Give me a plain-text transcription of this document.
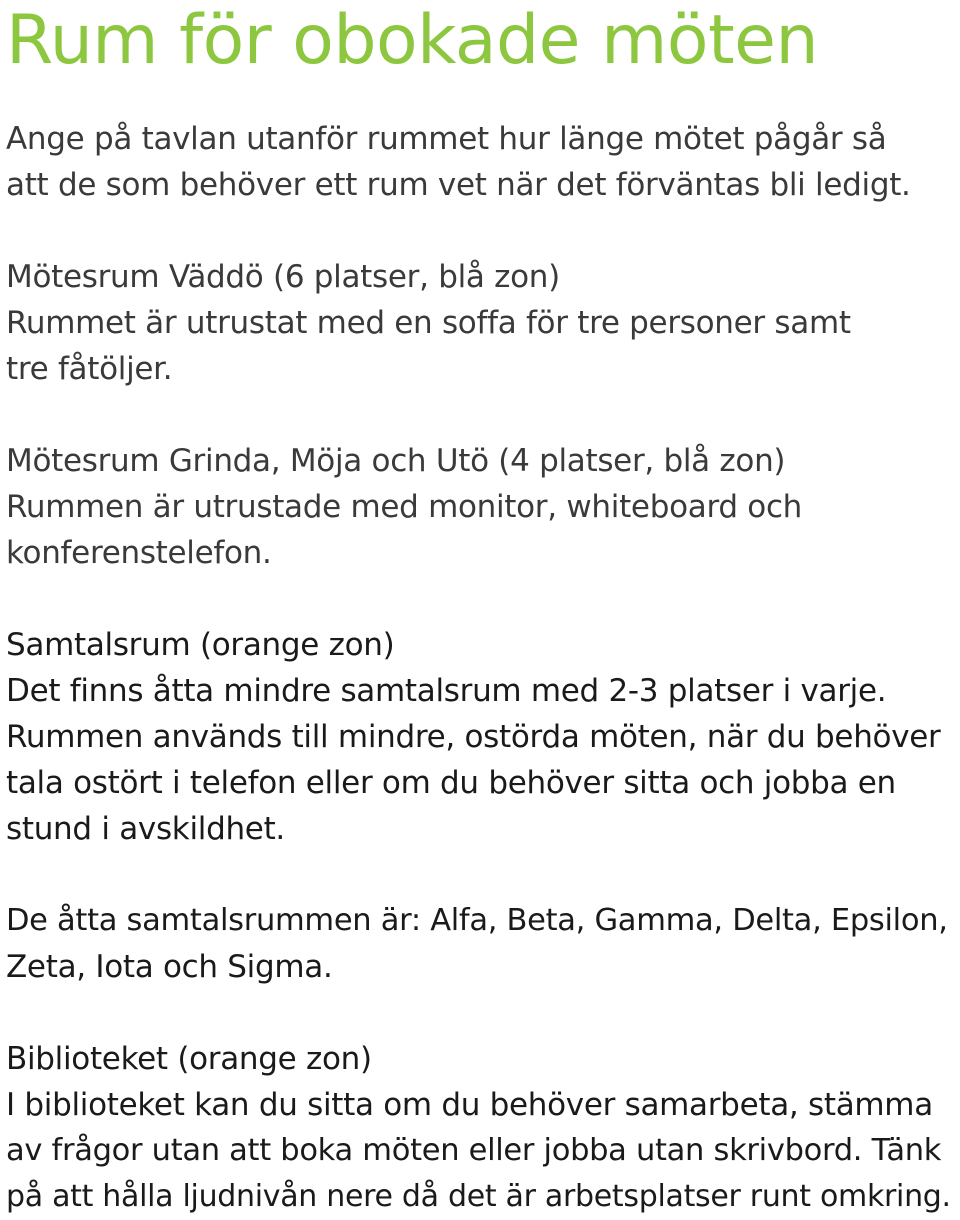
Rum för obokade möten

Ange på tavlan utanför rummet hur länge mötet pågår så
att de som behöver ett rum vet när det förväntas bli ledigt.

Mötesrum Väddö (6 platser, blå zon)
Rummet är utrustat med en soffa för tre personer samt
tre fåtöljer.

Mötesrum Grinda, Möja och Utö (4 platser, blå zon)
Rummen är utrustade med monitor, whiteboard och
konferenstelefon.

Samtalsrum (orange zon)
Det finns åtta mindre samtalsrum med 2-3 platser i varje.
Rummen används till mindre, ostörda möten, när du behöver
tala ostört i telefon eller om du behöver sitta och jobba en
stund i avskildhet.

De åtta samtalsrummen är: Alfa, Beta, Gamma, Delta, Epsilon,
Zeta, Iota och Sigma.

Biblioteket (orange zon)
I biblioteket kan du sitta om du behöver samarbeta, stämma
av frågor utan att boka möten eller jobba utan skrivbord. Tänk
på att hålla ljudnivån nere då det är arbetsplatser runt omkring.
